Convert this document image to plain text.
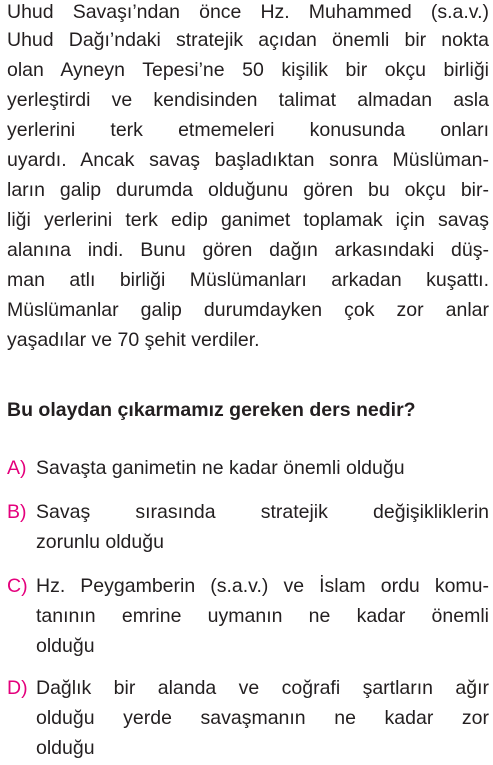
Uhud Savaşı’ndan önce Hz. Muhammed (s.a.v.)
Uhud Dağı’ndaki stratejik açıdan önemli bir nokta
olan Ayneyn Tepesi’ne 50 kişilik bir okçu birliği
yerleştirdi ve kendisinden talimat almadan asla
yerlerini terk etmemeleri konusunda onları
uyardı. Ancak savaş başladıktan sonra Müslüman-
ların galip durumda olduğunu gören bu okçu bir-
liği yerlerini terk edip ganimet toplamak için savaş
alanına indi. Bunu gören dağın arkasındaki düş-
man atlı birliği Müslümanları arkadan kuşattı.
Müslümanlar galip durumdayken çok zor anlar
yaşadılar ve 70 şehit verdiler.
Bu olaydan çıkarmamız gereken ders nedir?
A) Savaşta ganimetin ne kadar önemli olduğu
B) Savaş sırasında stratejik değişikliklerin
zorunlu olduğu
C) Hz. Peygamberin (s.a.v.) ve İslam ordu komu-
tanının emrine uymanın ne kadar önemli
olduğu
D) Dağlık bir alanda ve coğrafi şartların ağır
olduğu yerde savaşmanın ne kadar zor
olduğu
